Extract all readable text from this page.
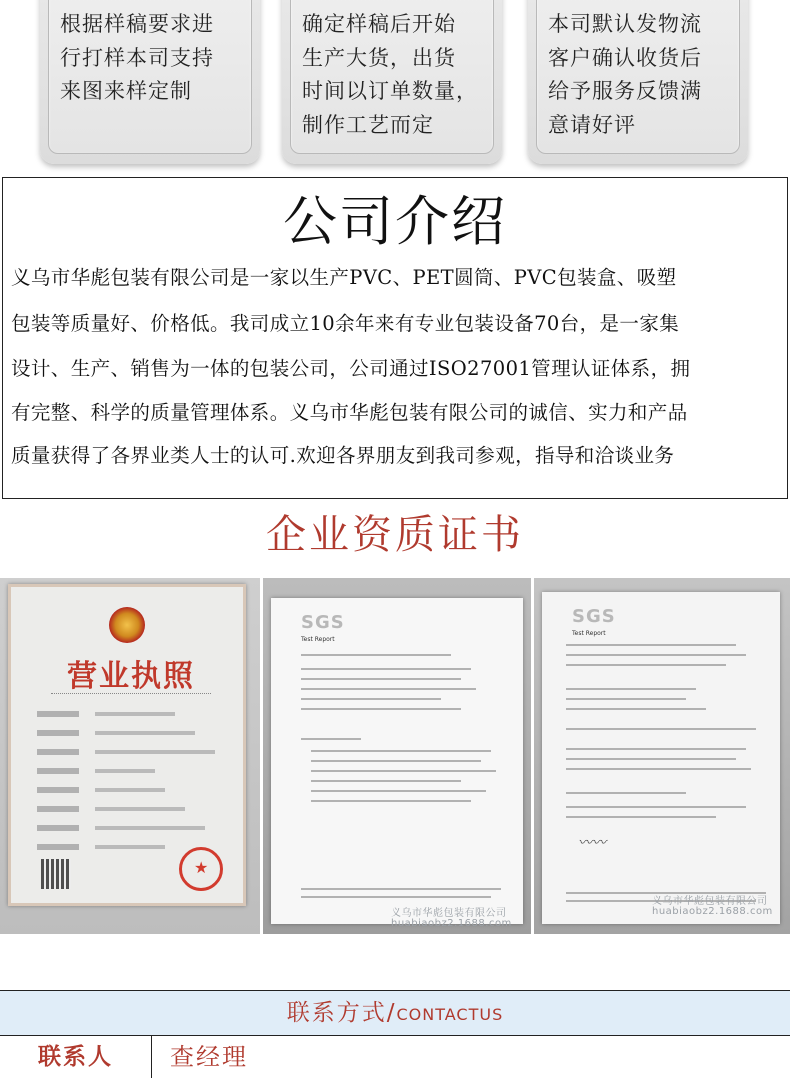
根据样稿要求进
行打样本司支持
来图来样定制
确定样稿后开始
生产大货，出货
时间以订单数量，
制作工艺而定
本司默认发物流
客户确认收货后
给予服务反馈满
意请好评
公司介绍
义乌市华彪包装有限公司是一家以生产PVC、PET圆筒、PVC包装盒、吸塑
包装等质量好、价格低。我司成立10余年来有专业包装设备70台，是一家集
设计、生产、销售为一体的包装公司，公司通过ISO27001管理认证体系，拥
有完整、科学的质量管理体系。义乌市华彪包装有限公司的诚信、实力和产品
质量获得了各界业类人士的认可.欢迎各界朋友到我司参观，指导和洽谈业务
企业资质证书
营业执照
★
SGS
Test Report
义乌市华彪包装有限公司
huabiaobz2.1688.com
SGS
Test Report
〰〰
义乌市华彪包装有限公司
huabiaobz2.1688.com
联系方式/CONTACTUS
联系人	查经理
